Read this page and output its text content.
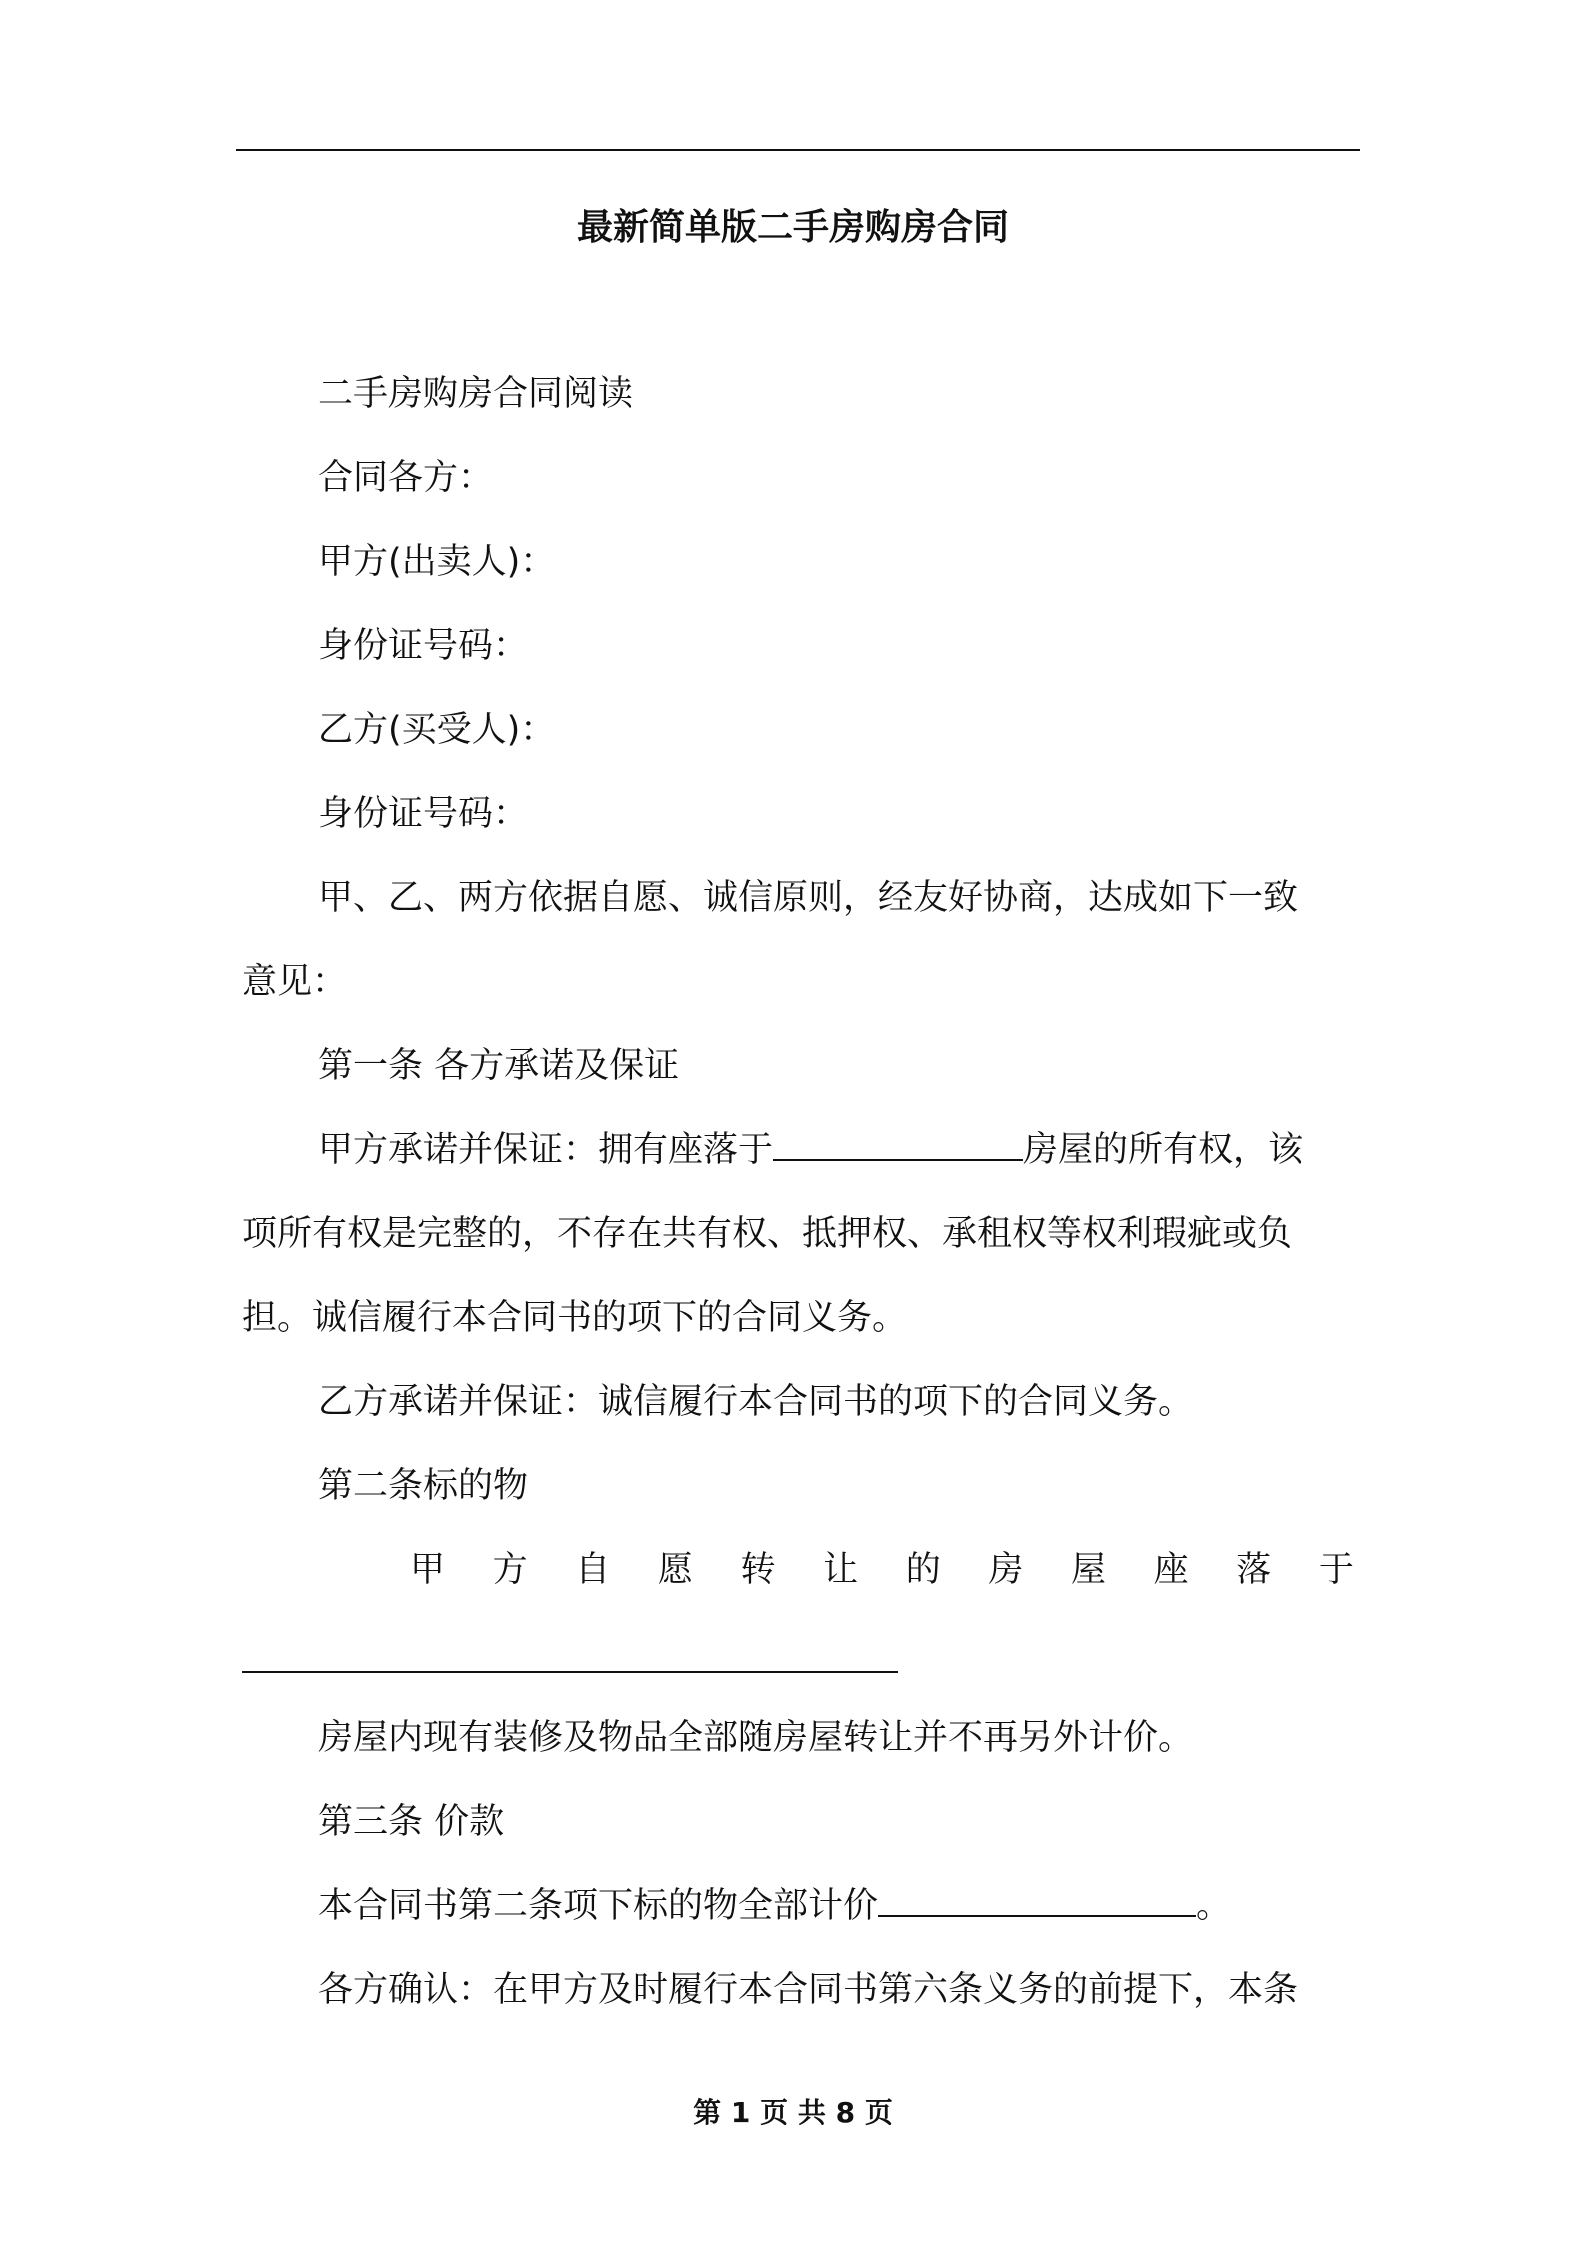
最新简单版二手房购房合同
二手房购房合同阅读
合同各方：
甲方(出卖人)：
身份证号码：
乙方(买受人)：
身份证号码：
甲、乙、两方依据自愿、诚信原则，经友好协商，达成如下一致
意见：
第一条 各方承诺及保证
甲方承诺并保证：拥有座落于	房屋的所有权，该
项所有权是完整的，不存在共有权、抵押权、承租权等权利瑕疵或负
担。诚信履行本合同书的项下的合同义务。
乙方承诺并保证：诚信履行本合同书的项下的合同义务。
第二条标的物
甲 方 自 愿 转 让 的 房 屋 座 落 于
房屋内现有装修及物品全部随房屋转让并不再另外计价。
第三条 价款
本合同书第二条项下标的物全部计价	。
各方确认：在甲方及时履行本合同书第六条义务的前提下，本条
第 1 页 共 8 页
